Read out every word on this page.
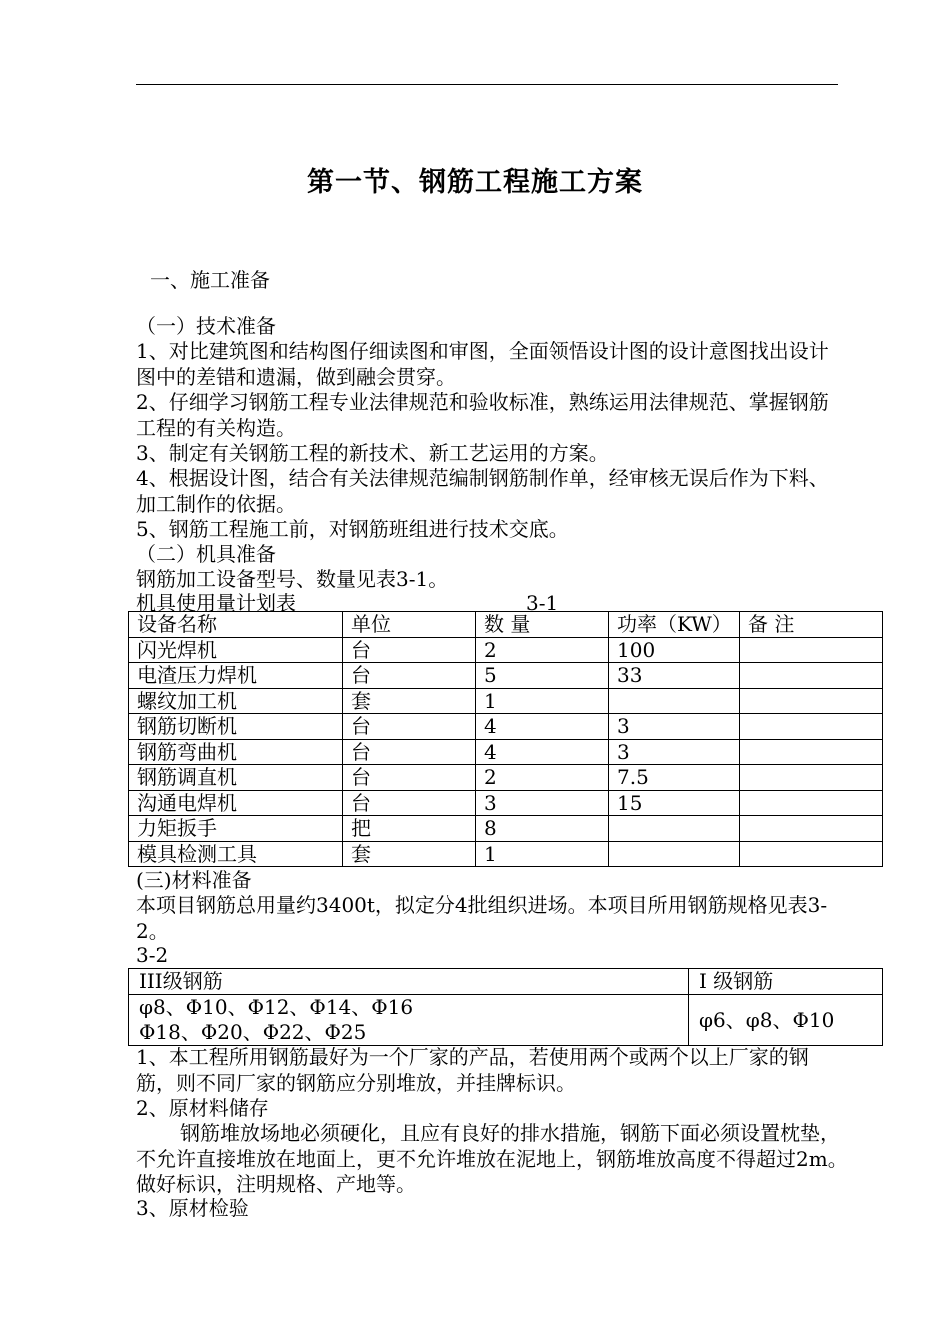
第一节、钢筋工程施工方案
一、施工准备
（一）技术准备
1、对比建筑图和结构图仔细读图和审图，全面领悟设计图的设计意图找出设计图中的差错和遗漏，做到融会贯穿。
2、仔细学习钢筋工程专业法律规范和验收标准，熟练运用法律规范、掌握钢筋工程的有关构造。
3、制定有关钢筋工程的新技术、新工艺运用的方案。
4、根据设计图，结合有关法律规范编制钢筋制作单，经审核无误后作为下料、加工制作的依据。
5、钢筋工程施工前，对钢筋班组进行技术交底。
（二）机具准备
钢筋加工设备型号、数量见表3-1。
机具使用量计划表	3-1
设备名称	单位	数 量	功率（KW）	备 注
闪光焊机	台	2	100	
电渣压力焊机	台	5	33	
螺纹加工机	套	1		
钢筋切断机	台	4	3	
钢筋弯曲机	台	4	3	
钢筋调直机	台	2	7.5	
沟通电焊机	台	3	15	
力矩扳手	把	8		
模具检测工具	套	1		
(三)材料准备
本项目钢筋总用量约3400t，拟定分4批组织进场。本项目所用钢筋规格见表3-2。
3-2
III级钢筋	I 级钢筋

φ8、Φ10、Φ12、Φ14、Φ16
Φ18、Φ20、Φ22、Φ25	φ6、φ8、Φ10
1、本工程所用钢筋最好为一个厂家的产品，若使用两个或两个以上厂家的钢筋，则不同厂家的钢筋应分别堆放，并挂牌标识。
2、原材料储存
钢筋堆放场地必须硬化，且应有良好的排水措施，钢筋下面必须设置枕垫，不允许直接堆放在地面上，更不允许堆放在泥地上，钢筋堆放高度不得超过2m。做好标识，注明规格、产地等。
3、原材检验
